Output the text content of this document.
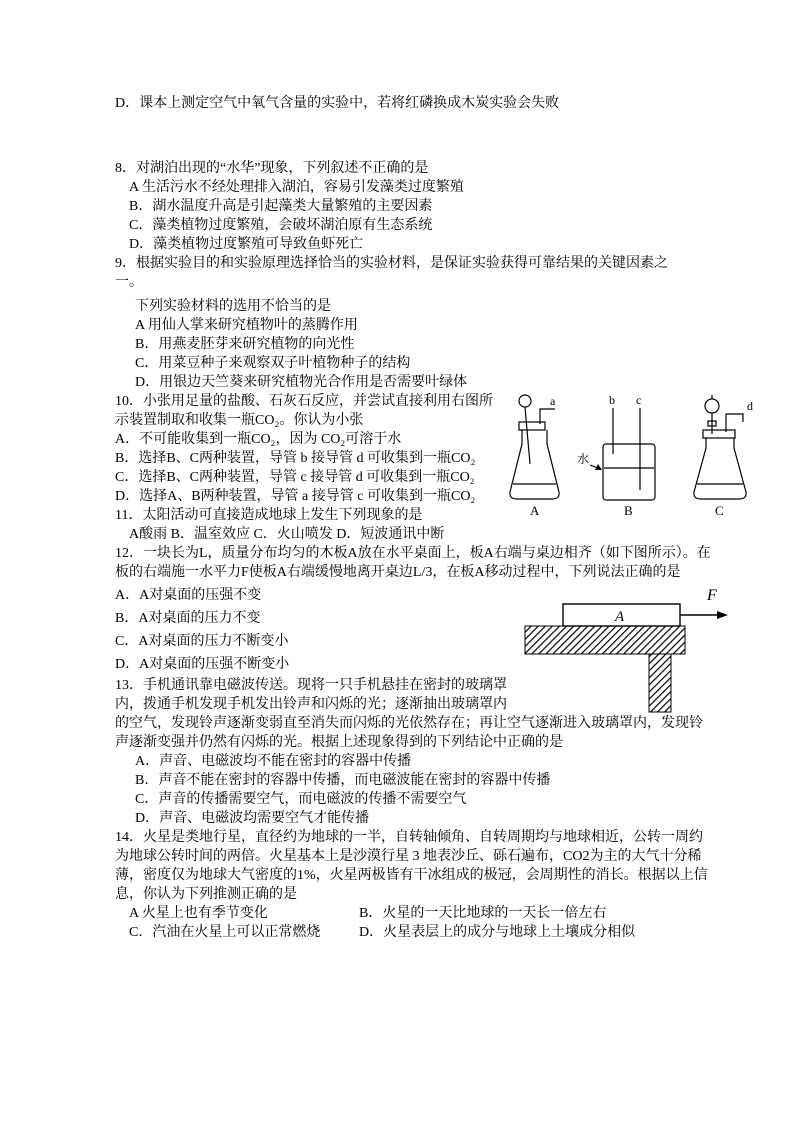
D．课本上测定空气中氧气含量的实验中，若将红磷换成木炭实验会失败

8．对湖泊出现的“水华”现象，下列叙述不正确的是

A 生活污水不经处理排入湖泊，容易引发藻类过度繁殖

B．湖水温度升高是引起藻类大量繁殖的主要因素

C．藻类植物过度繁殖，会破坏湖泊原有生态系统

D．藻类植物过度繁殖可导致鱼虾死亡

9．根据实验目的和实验原理选择恰当的实验材料，是保证实验获得可靠结果的关键因素之一。

下列实验材料的选用不恰当的是

A 用仙人掌来研究植物叶的蒸腾作用

B．用燕麦胚芽来研究植物的向光性

C．用菜豆种子来观察双子叶植物种子的结构

D．用银边天竺葵来研究植物光合作用是否需要叶绿体

a	b c	d
水
A	B	C

10．小张用足量的盐酸、石灰石反应，并尝试直接利用右图所示装置制取和收集一瓶CO₂。你认为小张

A．不可能收集到一瓶CO₂，因为 CO₂可溶于水

B．选择B、C两种装置，导管 b 接导管 d 可收集到一瓶CO₂

C．选择B、C两种装置，导管 c 接导管 d 可收集到一瓶CO₂

D．选择A、B两种装置，导管 a 接导管 c 可收集到一瓶CO₂

11．太阳活动可直接造成地球上发生下列现象的是

A酸雨 B．温室效应 C．火山喷发 D．短波通讯中断

12．一块长为L，质量分布均匀的木板A放在水平桌面上，板A右端与桌边相齐（如下图所示）。在板的右端施一水平力F使板A右端缓慢地离开桌边L/3，在板A移动过程中，下列说法正确的是

A
F

A．A对桌面的压强不变

B．A对桌面的压力不变

C．A对桌面的压力不断变小

D．A对桌面的压强不断变小

13．手机通讯靠电磁波传送。现将一只手机悬挂在密封的玻璃罩内，拨通手机发现手机发出铃声和闪烁的光；逐渐抽出玻璃罩内的空气，发现铃声逐渐变弱直至消失而闪烁的光依然存在；再让空气逐渐进入玻璃罩内，发现铃声逐渐变强并仍然有闪烁的光。根据上述现象得到的下列结论中正确的是

A．声音、电磁波均不能在密封的容器中传播

B．声音不能在密封的容器中传播，而电磁波能在密封的容器中传播

C．声音的传播需要空气，而电磁波的传播不需要空气

D．声音、电磁波均需要空气才能传播

14．火星是类地行星，直径约为地球的一半，自转轴倾角、自转周期均与地球相近，公转一周约为地球公转时间的两倍。火星基本上是沙漠行星 3 地表沙丘、砾石遍布，CO2为主的大气十分稀薄，密度仅为地球大气密度的1%，火星两极皆有干冰组成的极冠，会周期性的消长。根据以上信息，你认为下列推测正确的是

A 火星上也有季节变化	B．火星的一天比地球的一天长一倍左右

C．汽油在火星上可以正常燃烧	D．火星表层上的成分与地球上土壤成分相似
